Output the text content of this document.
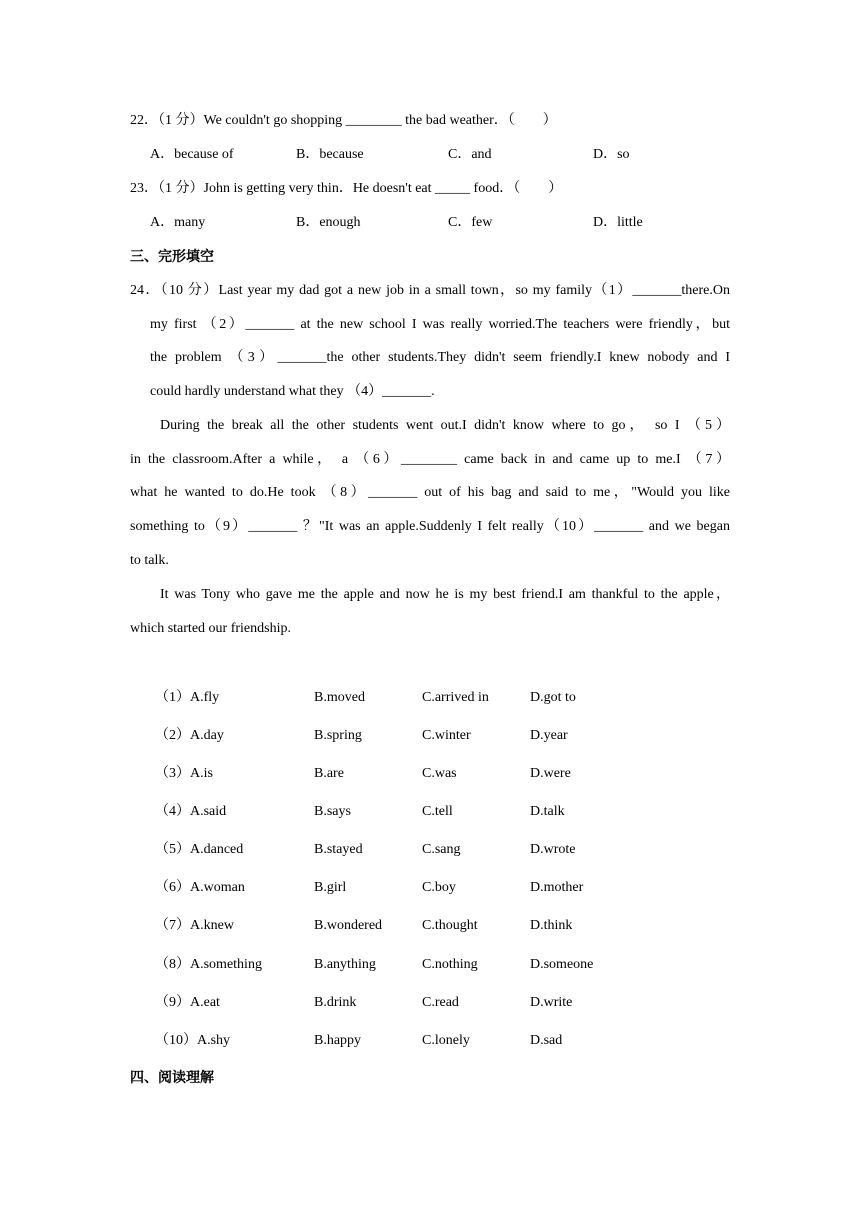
22．（1 分）We couldn't go shopping ________ the bad weather．（　　）
A．because of	B．because	C．and	D．so
23．（1 分）John is getting very thin．He doesn't eat _____ food．（　　）
A．many	B．enough	C．few	D．little
三、完形填空
24．（10 分）Last year my dad got a new job in a small town，so my family（1）_______there.On
my first （2）_______ at the new school I was really worried.The teachers were friendly，but
the problem （3）_______the other students.They didn't seem friendly.I knew nobody and I
could hardly understand what they （4）_______.
During the break all the other students went out.I didn't know where to go， so I （5）
in the classroom.After a while， a （6）________ came back in and came up to me.I （7）
what he wanted to do.He took （8）_______ out of his bag and said to me，"Would you like
something to（9）_______ ？"It was an apple.Suddenly I felt really（10）_______ and we began
to talk.
It was Tony who gave me the apple and now he is my best friend.I am thankful to the apple，
which started our friendship.
（1）A.fly	B.moved	C.arrived in	D.got to
（2）A.day	B.spring	C.winter	D.year
（3）A.is	B.are	C.was	D.were
（4）A.said	B.says	C.tell	D.talk
（5）A.danced	B.stayed	C.sang	D.wrote
（6）A.woman	B.girl	C.boy	D.mother
（7）A.knew	B.wondered	C.thought	D.think
（8）A.something	B.anything	C.nothing	D.someone
（9）A.eat	B.drink	C.read	D.write
（10）A.shy	B.happy	C.lonely	D.sad
四、阅读理解
